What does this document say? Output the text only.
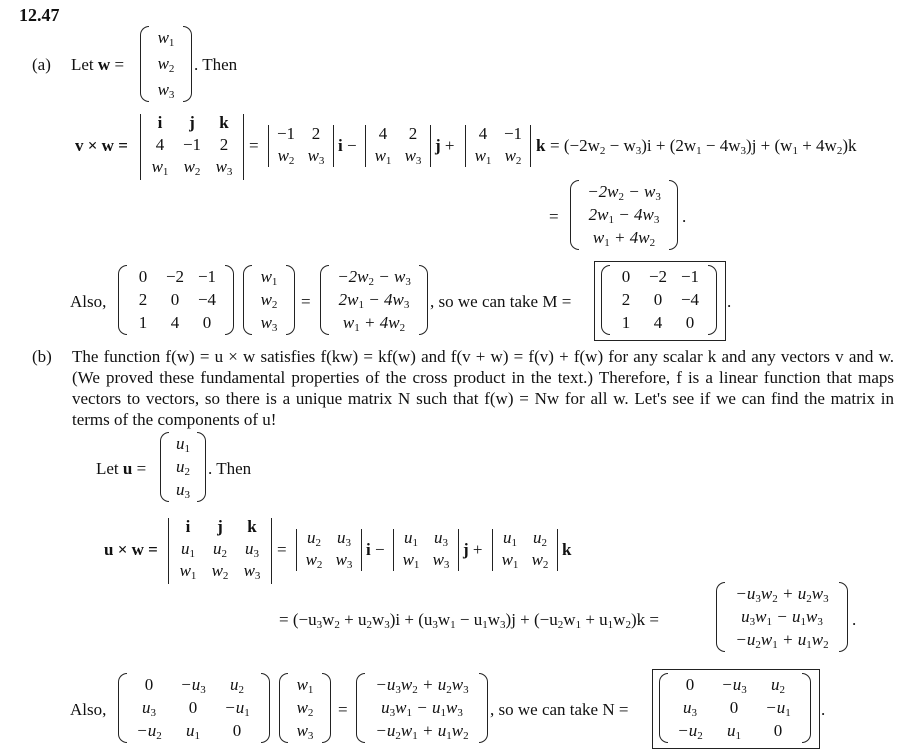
12.47
(a) Let w =
$w_1$
$w_2$
$w_3$
. Then
v × w =
i	j	k
4	−1	2
$w_1$ $w_2$ $w_3$
=
−1 2
$w_2$ $w_3$
i −
4	2
$w_1$ $w_3$
j +
4 −1
$w_1$ $w_2$
$k = (-2w_2 - w_3)i + (2w_1 - 4w_3)j + (w_1 + 4w_2)k$
=
$-2w_2 - w_3$
$2w_1 - 4w_3$
$w_1 + 4w_2$
.
Also,
0	−2 −1
2	0	−4
1	4	0
$w_1$
$w_2$
$w_3$
=
$-2w_2 - w_3$
$2w_1 - 4w_3$
$w_1 + 4w_2$
, so we can take M =
0	−2 −1
2	0	−4
1	4	0
.
(b) The function f(w) = u × w satisfies f(kw) = kf(w) and f(v + w) = f(v) + f(w) for any scalar k and any vectors v and w. (We proved these fundamental properties of the cross product in the text.) Therefore, f is a linear function that maps vectors to vectors, so there is a unique matrix N such that f(w) = Nw for all w. Let's see if we can find the matrix in terms of the components of u!
Let u =
$u_1$
$u_2$
$u_3$
. Then
u × w =
i	j	k
$u_1$	$u_2$	$u_3$
$w_1$ $w_2$ $w_3$
=
$u_2$ $u_3$
$w_2$ $w_3$
i −
$u_1$ $u_3$
$w_1$ $w_3$
j +
$u_1$ $u_2$
$w_1$ $w_2$
k
= $(-u_3w_2 + u_2w_3)i + (u_3w_1 - u_1w_3)j + (-u_2w_1 + u_1w_2)k$ =
$-u_3w_2 + u_2w_3$
$u_3w_1 - u_1w_3$
$-u_2w_1 + u_1w_2$
.
Also,
0	$-u_3$	$u_2$
$u_3$	0	$-u_1$
$-u_2$	$u_1$	0
$w_1$
$w_2$
$w_3$
=
$-u_3w_2 + u_2w_3$
$u_3w_1 - u_1w_3$
$-u_2w_1 + u_1w_2$
, so we can take N =
0	$-u_3$	$u_2$
$u_3$	0	$-u_1$
$-u_2$	$u_1$	0
.
